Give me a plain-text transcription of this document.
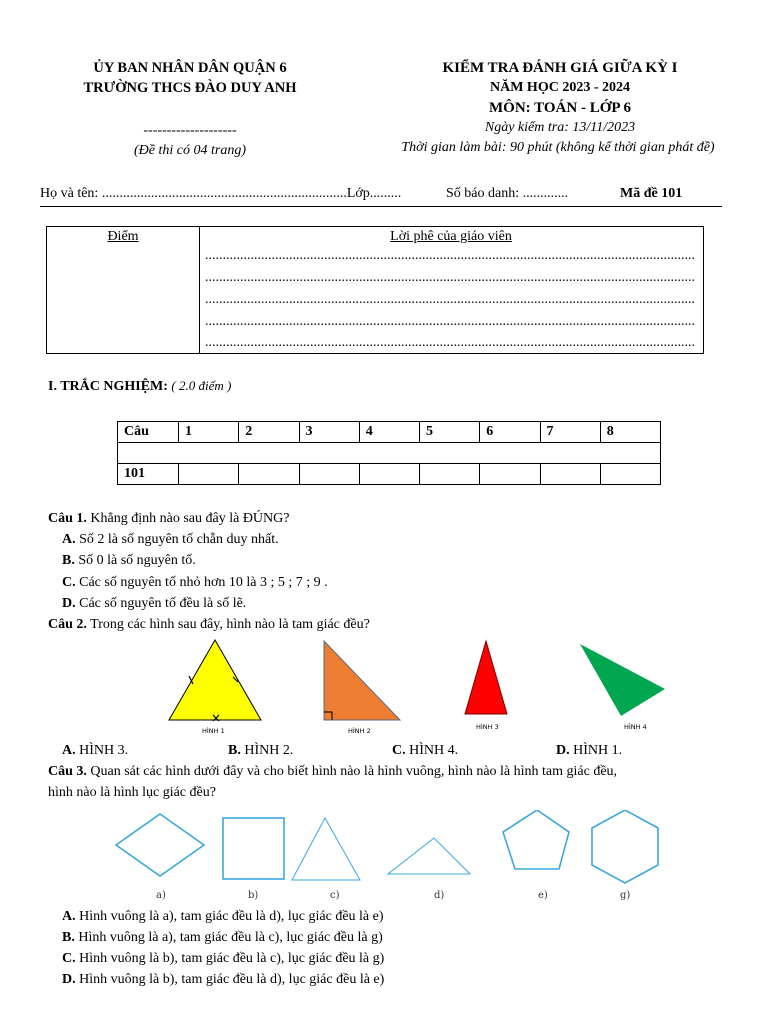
ỦY BAN NHÂN DÂN QUẬN 6
TRƯỜNG THCS ĐÀO DUY ANH
--------------------
(Đề thi có 04 trang)
KIỂM TRA ĐÁNH GIÁ GIỮA KỲ I
NĂM HỌC 2023 - 2024
MÔN: TOÁN - LỚP 6
Ngày kiểm tra: 13/11/2023
Thời gian làm bài: 90 phút (không kể thời gian phát đề)
Họ và tên: ......................................................................Lớp.........	Số báo danh: .............	Mã đề 101
Điểm	Lời phê của giáo viên
............................................................................................................................................
............................................................................................................................................
............................................................................................................................................
............................................................................................................................................
............................................................................................................................................
I. TRẮC NGHIỆM: ( 2.0 điểm )
Câu	1	2	3	4	5	6	7	8

101								
Câu 1. Khẳng định nào sau đây là ĐÚNG?
A. Số 2 là số nguyên tố chẵn duy nhất.
B. Số 0 là số nguyên tố.
C. Các số nguyên tố nhỏ hơn 10 là 3 ; 5 ; 7 ; 9 .
D. Các số nguyên tố đều là số lẽ.
Câu 2. Trong các hình sau đây, hình nào là tam giác đều?
HÌNH 1	HÌNH 2	HÌNH 3	HÌNH 4
A. HÌNH 3.	B. HÌNH 2.	C. HÌNH 4.	D. HÌNH 1.
Câu 3. Quan sát các hình dưới đây và cho biết hình nào là hình vuông, hình nào là hình tam giác đều,
hình nào là hình lục giác đều?
a)	b)	c)	d)	e)	g)
A. Hình vuông là a), tam giác đều là d), lục giác đều là e)
B. Hình vuông là a), tam giác đều là c), lục giác đều là g)
C. Hình vuông là b), tam giác đều là c), lục giác đều là g)
D. Hình vuông là b), tam giác đều là d), lục giác đều là e)
